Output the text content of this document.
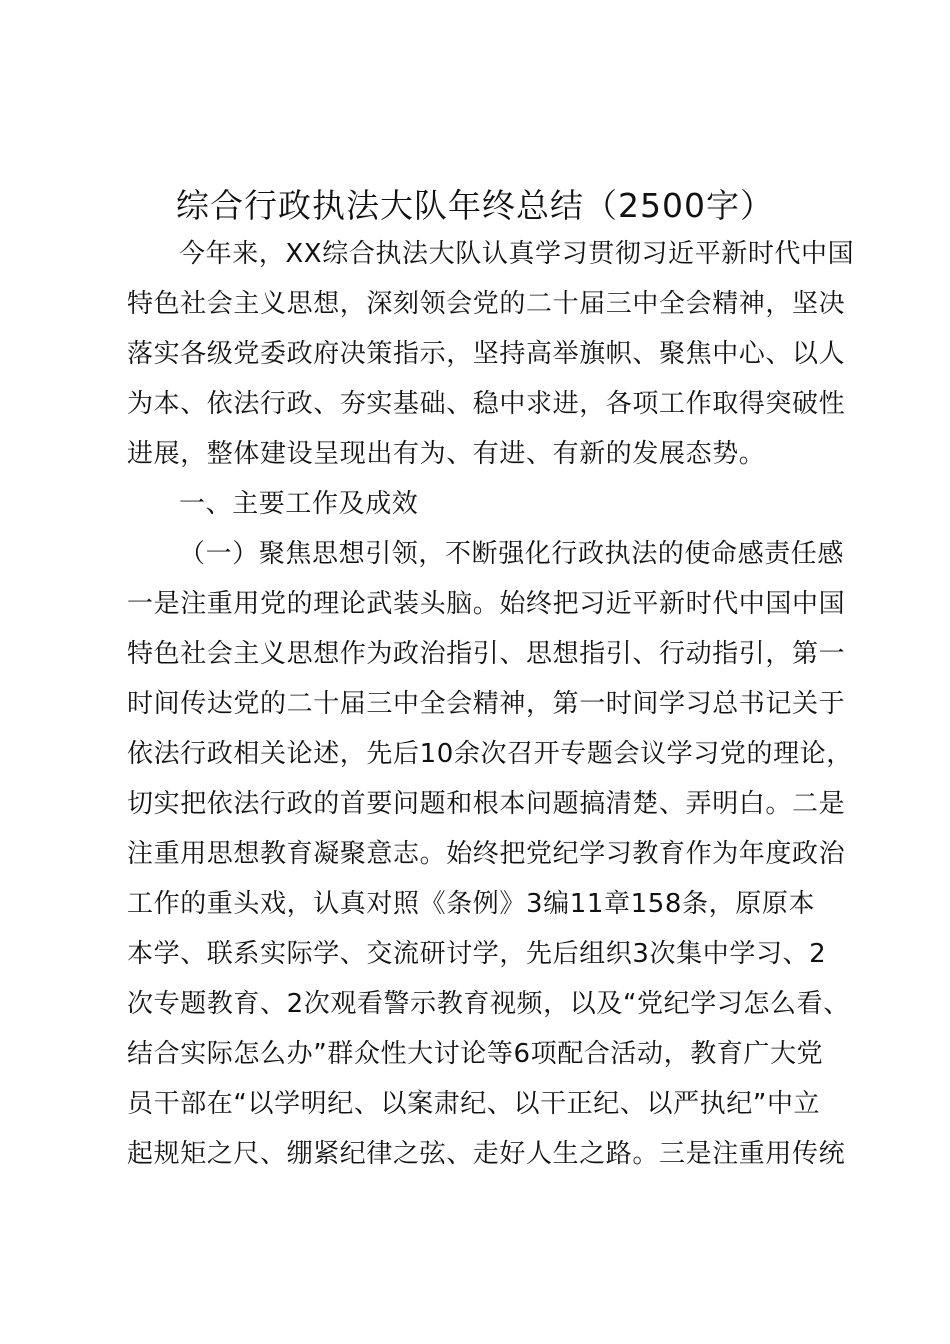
综合行政执法大队年终总结（2500字）
今年来，XX综合执法大队认真学习贯彻习近平新时代中国
特色社会主义思想，深刻领会党的二十届三中全会精神，坚决
落实各级党委政府决策指示，坚持高举旗帜、聚焦中心、以人
为本、依法行政、夯实基础、稳中求进，各项工作取得突破性
进展，整体建设呈现出有为、有进、有新的发展态势。
一、主要工作及成效
（一）聚焦思想引领，不断强化行政执法的使命感责任感
一是注重用党的理论武装头脑。始终把习近平新时代中国中国
特色社会主义思想作为政治指引、思想指引、行动指引，第一
时间传达党的二十届三中全会精神，第一时间学习总书记关于
依法行政相关论述，先后10余次召开专题会议学习党的理论，
切实把依法行政的首要问题和根本问题搞清楚、弄明白。二是
注重用思想教育凝聚意志。始终把党纪学习教育作为年度政治
工作的重头戏，认真对照《条例》3编11章158条，原原本
本学、联系实际学、交流研讨学，先后组织3次集中学习、2
次专题教育、2次观看警示教育视频，以及“党纪学习怎么看、
结合实际怎么办”群众性大讨论等6项配合活动，教育广大党
员干部在“以学明纪、以案肃纪、以干正纪、以严执纪”中立
起规矩之尺、绷紧纪律之弦、走好人生之路。三是注重用传统
